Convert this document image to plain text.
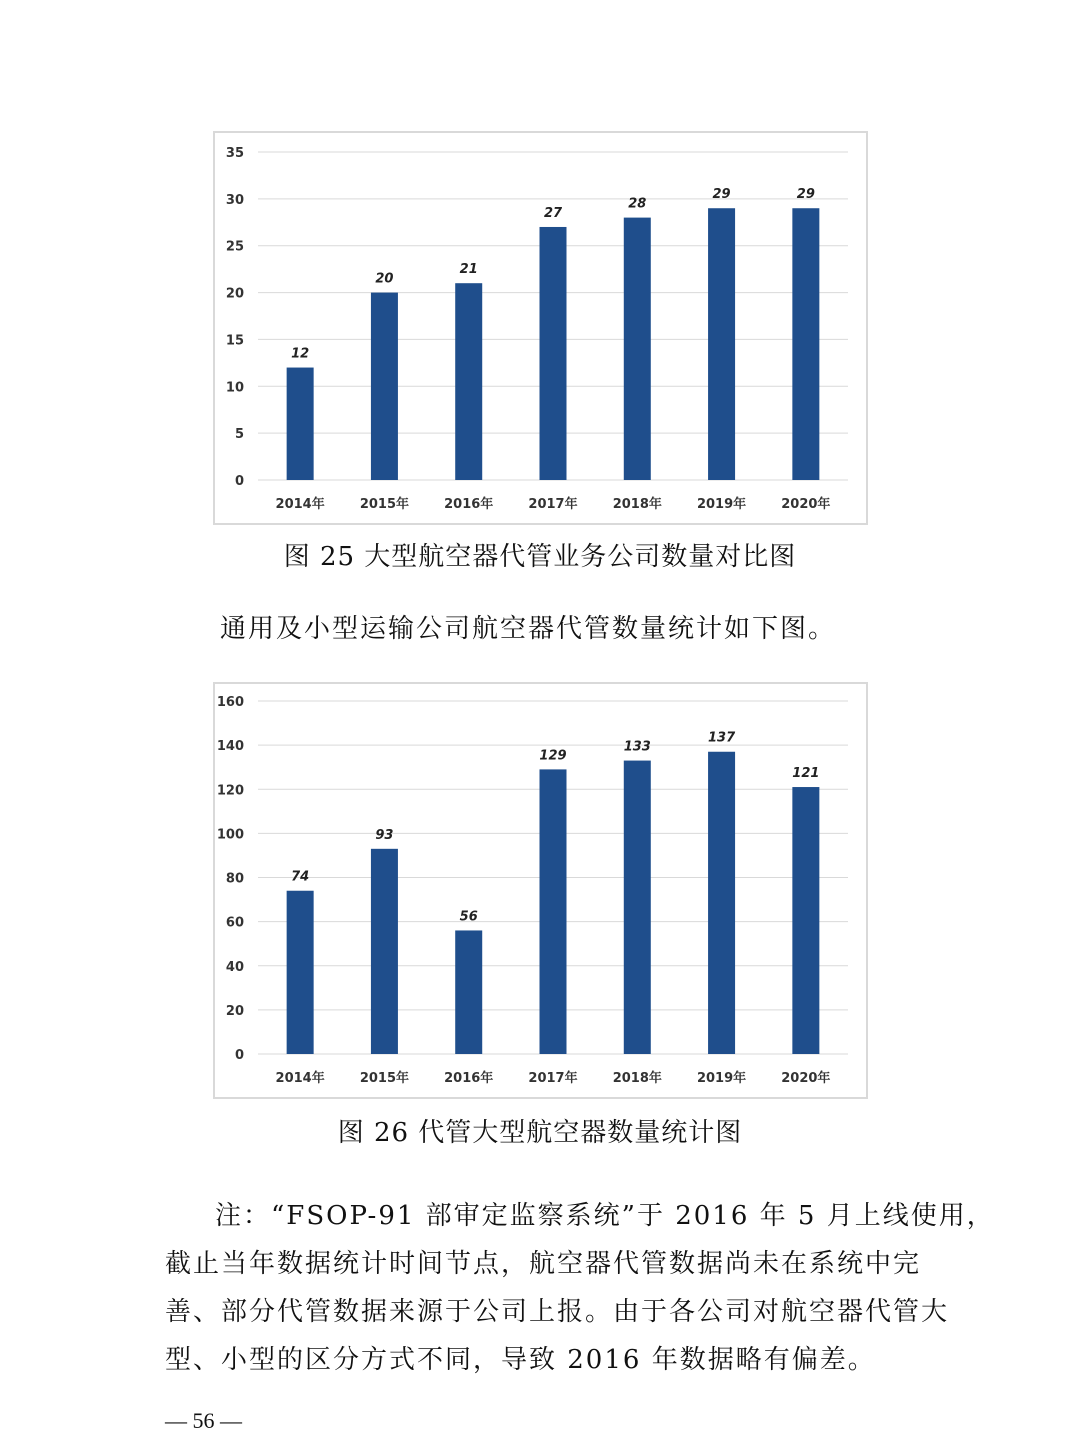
0
5
10
15
20
25
30
35
12
2014年
20
2015年
21
2016年
27
2017年
28
2018年
29
2019年
29
2020年
图 25 大型航空器代管业务公司数量对比图
通用及小型运输公司航空器代管数量统计如下图。
0
20
40
60
80
100
120
140
160
74
2014年
93
2015年
56
2016年
129
2017年
133
2018年
137
2019年
121
2020年
图 26 代管大型航空器数量统计图
注：“FSOP-91 部审定监察系统”于 2016 年 5 月上线使用，
截止当年数据统计时间节点，航空器代管数据尚未在系统中完
善、部分代管数据来源于公司上报。由于各公司对航空器代管大
型、小型的区分方式不同，导致 2016 年数据略有偏差。
— 56 —
